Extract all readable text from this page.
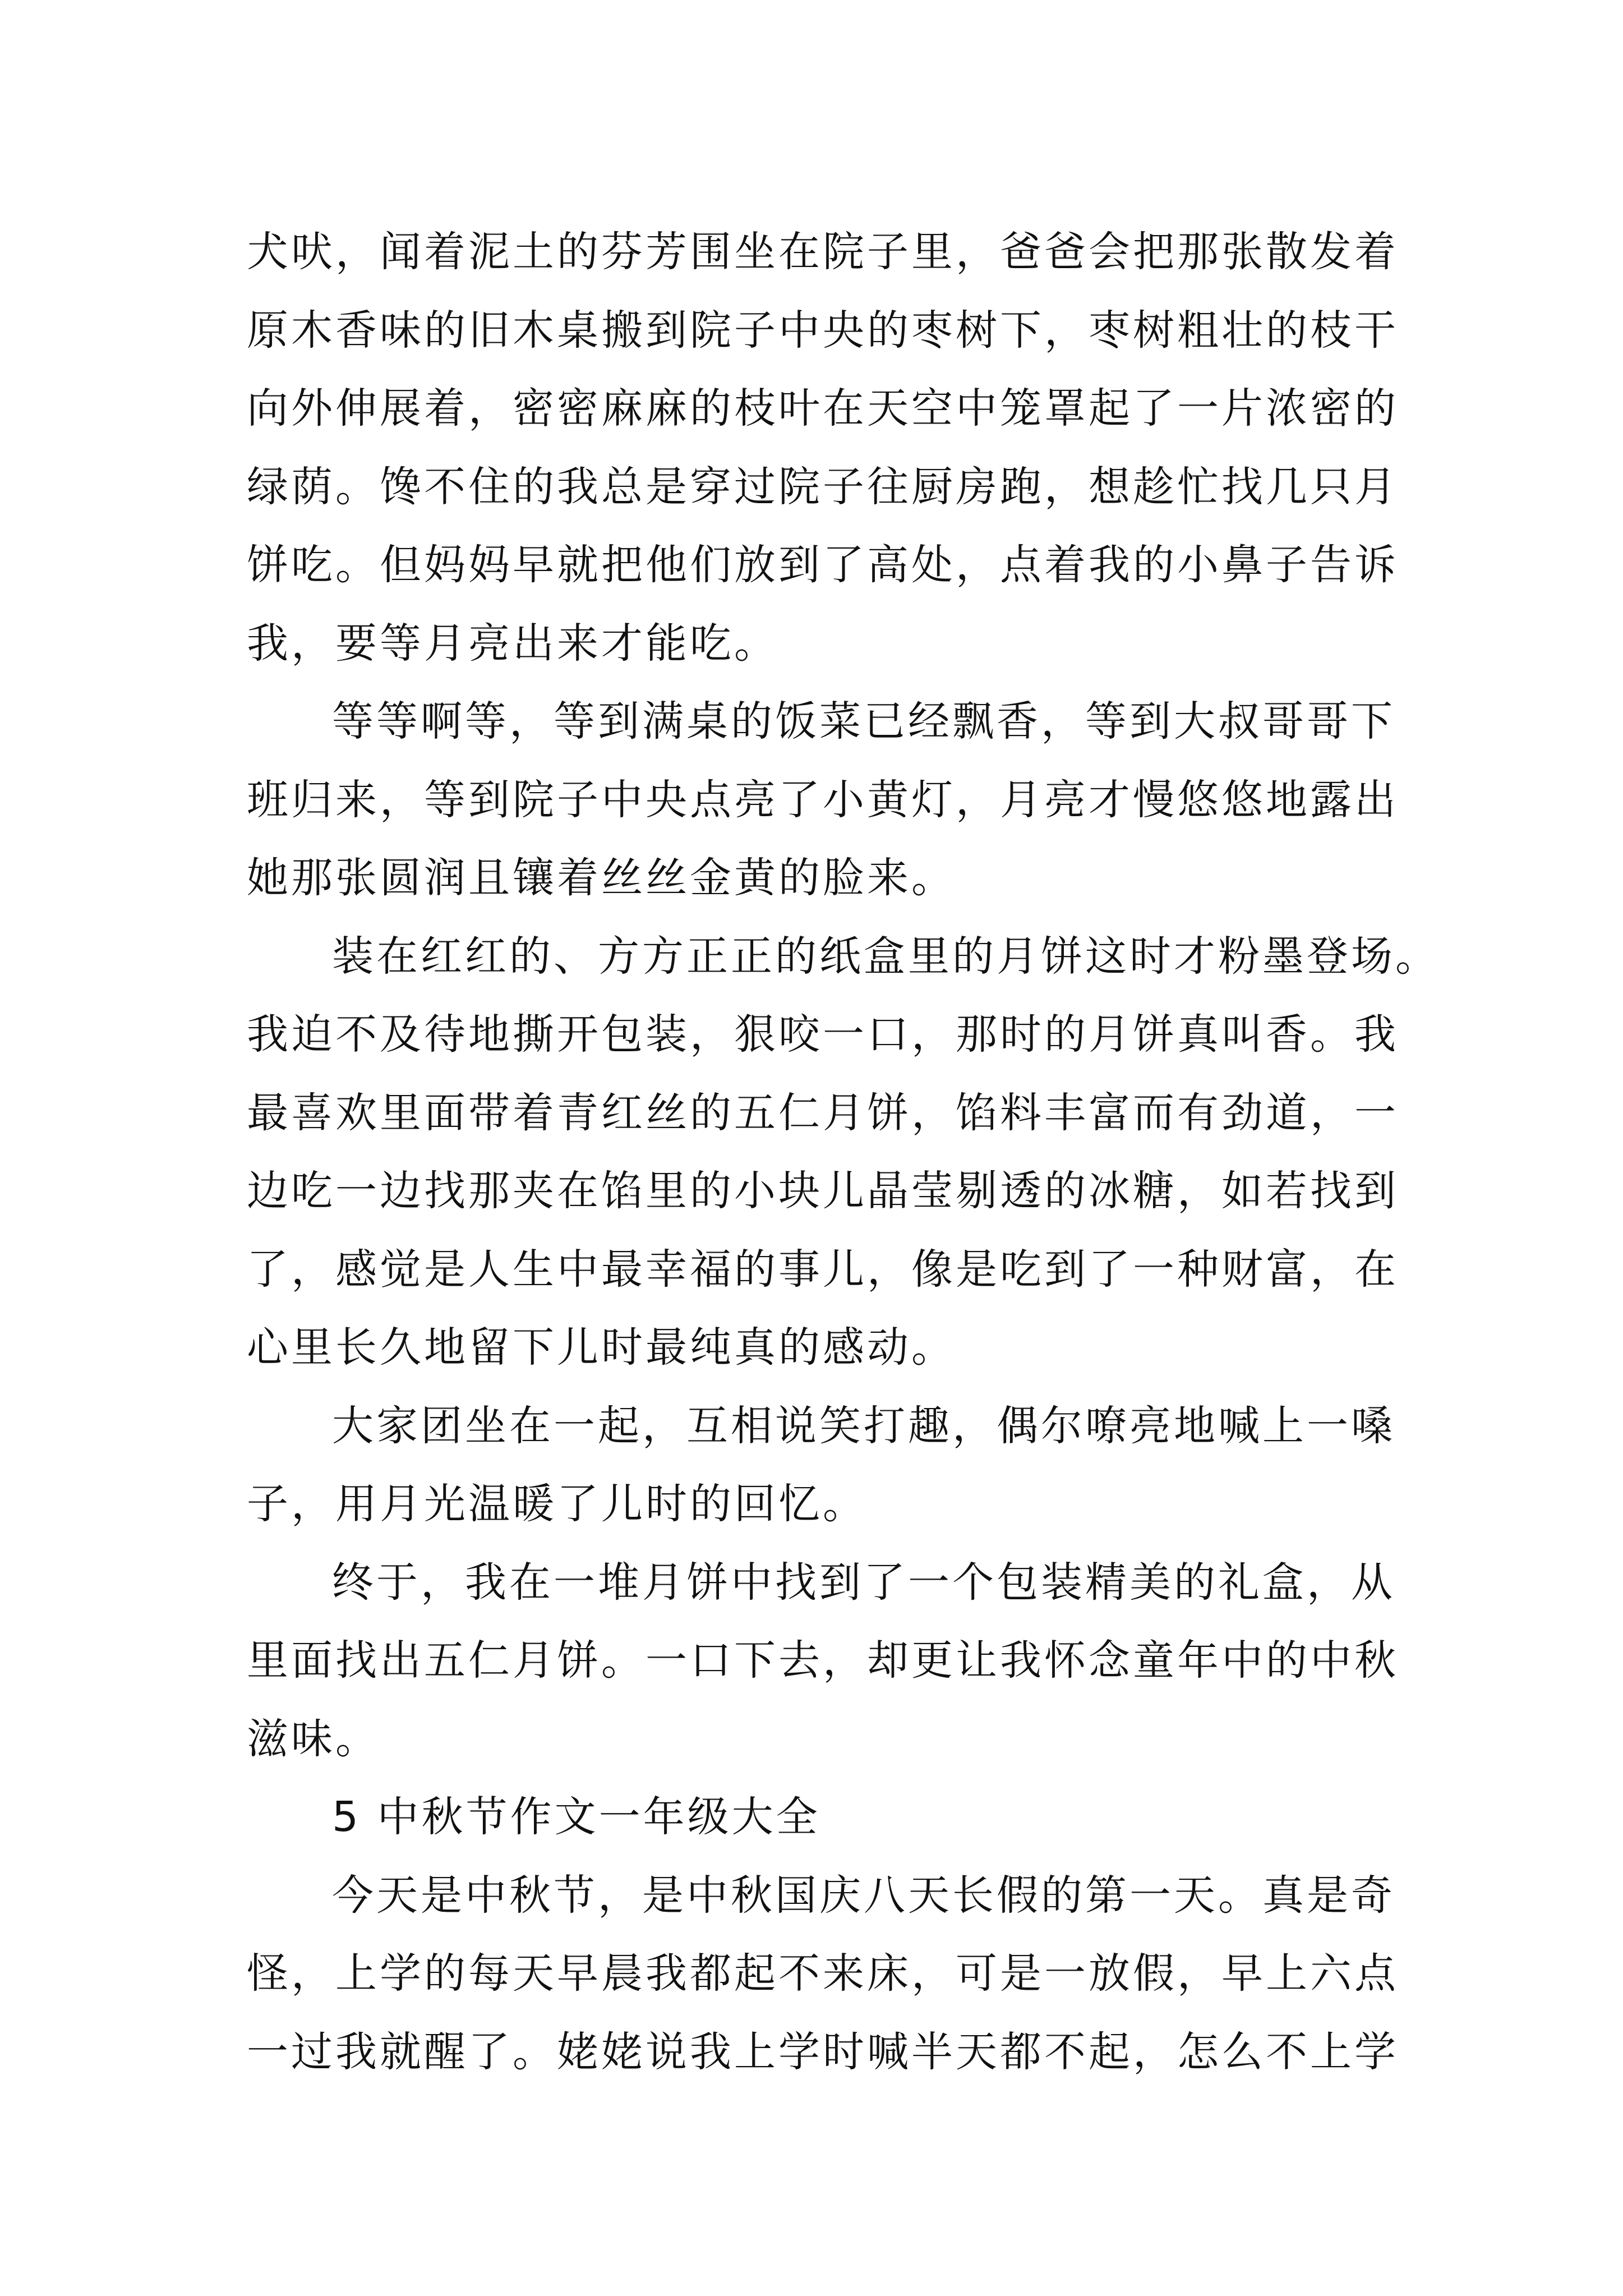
犬吠，闻着泥土的芬芳围坐在院子里，爸爸会把那张散发着
原木香味的旧木桌搬到院子中央的枣树下，枣树粗壮的枝干
向外伸展着，密密麻麻的枝叶在天空中笼罩起了一片浓密的
绿荫。馋不住的我总是穿过院子往厨房跑，想趁忙找几只月
饼吃。但妈妈早就把他们放到了高处，点着我的小鼻子告诉
我，要等月亮出来才能吃。
等等啊等，等到满桌的饭菜已经飘香，等到大叔哥哥下
班归来，等到院子中央点亮了小黄灯，月亮才慢悠悠地露出
她那张圆润且镶着丝丝金黄的脸来。
装在红红的、方方正正的纸盒里的月饼这时才粉墨登场。
我迫不及待地撕开包装，狠咬一口，那时的月饼真叫香。我
最喜欢里面带着青红丝的五仁月饼，馅料丰富而有劲道，一
边吃一边找那夹在馅里的小块儿晶莹剔透的冰糖，如若找到
了，感觉是人生中最幸福的事儿，像是吃到了一种财富，在
心里长久地留下儿时最纯真的感动。
大家团坐在一起，互相说笑打趣，偶尔嘹亮地喊上一嗓
子，用月光温暖了儿时的回忆。
终于，我在一堆月饼中找到了一个包装精美的礼盒，从
里面找出五仁月饼。一口下去，却更让我怀念童年中的中秋
滋味。
5 中秋节作文一年级大全
今天是中秋节，是中秋国庆八天长假的第一天。真是奇
怪，上学的每天早晨我都起不来床，可是一放假，早上六点
一过我就醒了。姥姥说我上学时喊半天都不起，怎么不上学
